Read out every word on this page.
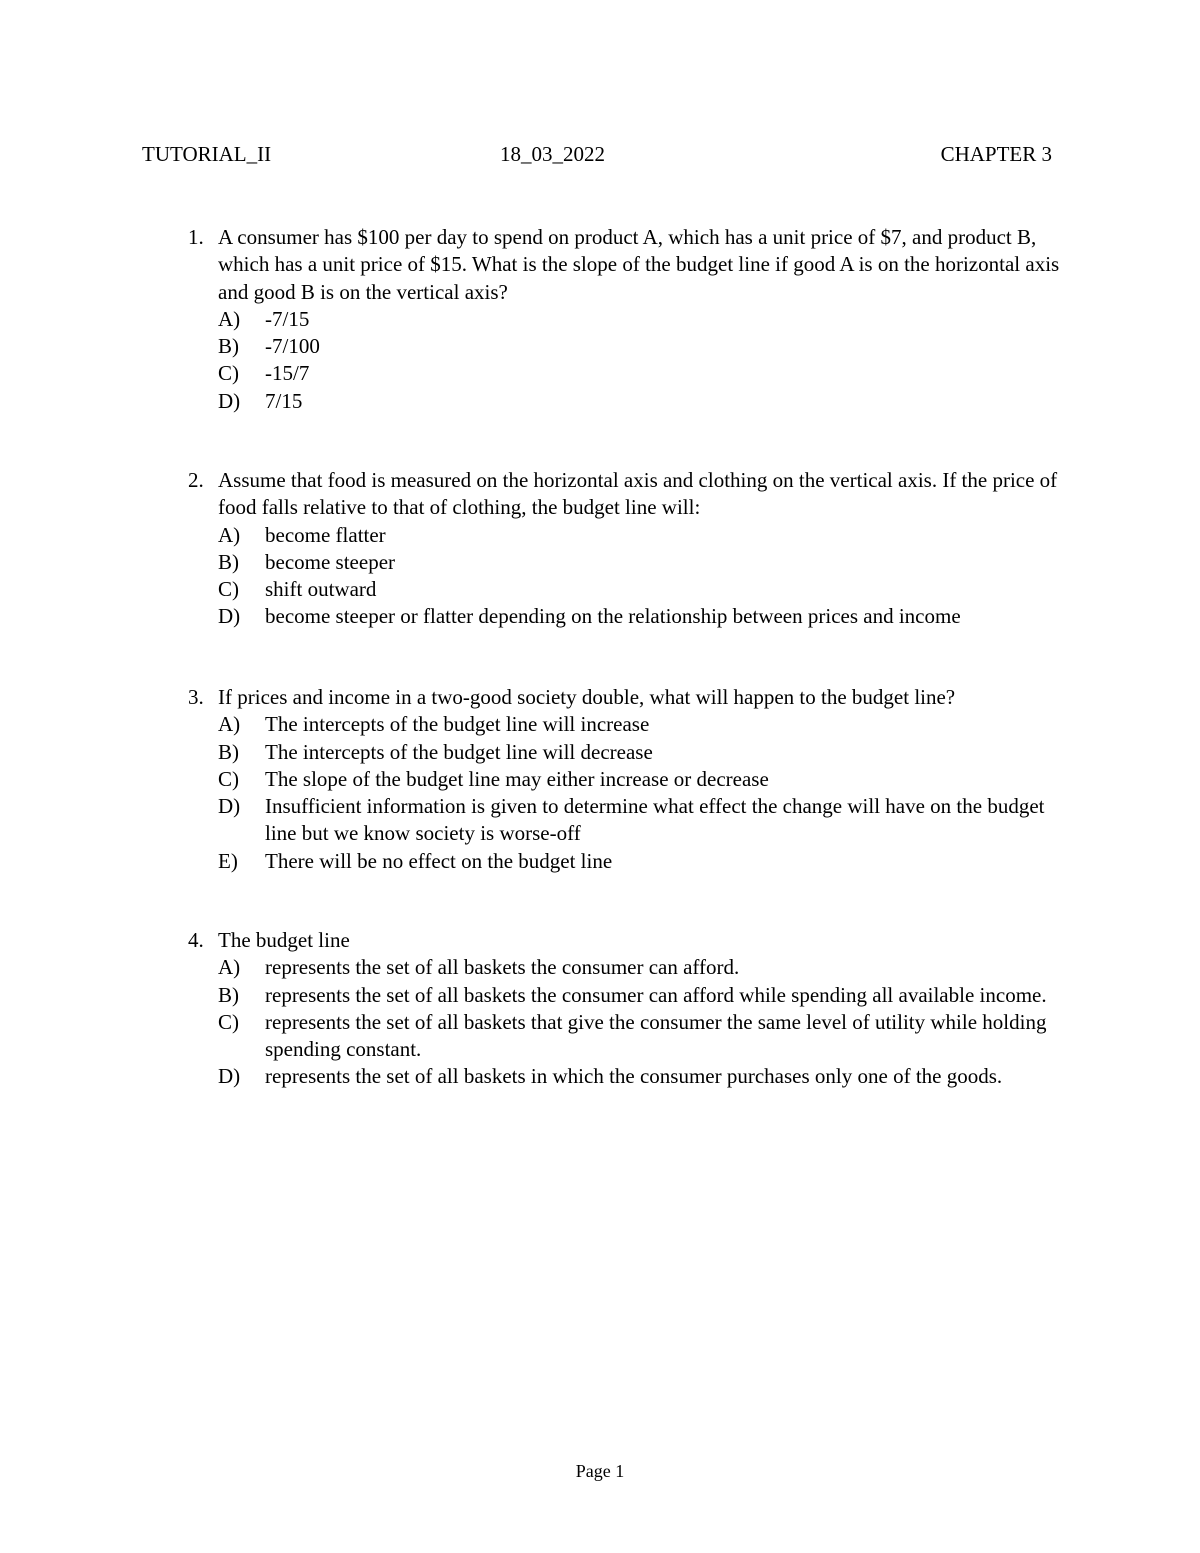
TUTORIAL_II	18_03_2022	CHAPTER 3
1. A consumer has $100 per day to spend on product A, which has a unit price of $7, and product B, which has a unit price of $15. What is the slope of the budget line if good A is on the horizontal axis and good B is on the vertical axis?
A)	-7/15
B)	-7/100
C)	-15/7
D)	7/15
2. Assume that food is measured on the horizontal axis and clothing on the vertical axis. If the price of food falls relative to that of clothing, the budget line will:
A)	become flatter
B)	become steeper
C)	shift outward
D)	become steeper or flatter depending on the relationship between prices and income
3. If prices and income in a two-good society double, what will happen to the budget line?
A)	The intercepts of the budget line will increase
B)	The intercepts of the budget line will decrease
C)	The slope of the budget line may either increase or decrease
D)	Insufficient information is given to determine what effect the change will have on the budget line but we know society is worse-off
E)	There will be no effect on the budget line
4. The budget line
A)	represents the set of all baskets the consumer can afford.
B)	represents the set of all baskets the consumer can afford while spending all available income.
C)	represents the set of all baskets that give the consumer the same level of utility while holding spending constant.
D)	represents the set of all baskets in which the consumer purchases only one of the goods.
Page 1
